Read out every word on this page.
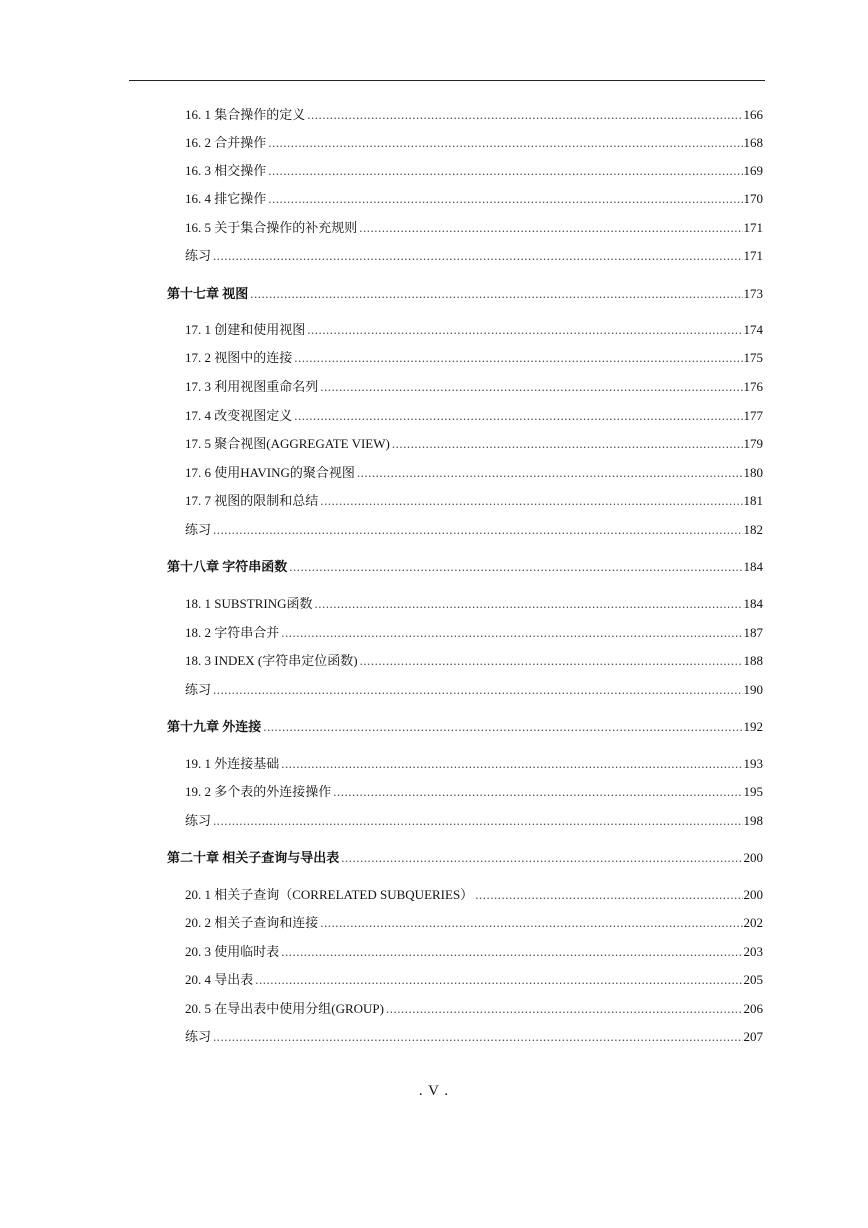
16. 1 集合操作的定义 .....	166
16. 2 合并操作 .....	168
16. 3 相交操作 .....	169
16. 4 排它操作 .....	170
16. 5 关于集合操作的补充规则 .....	171
练习 .....	171
第十七章 视图 .....	173
17. 1 创建和使用视图 .....	174
17. 2 视图中的连接 .....	175
17. 3 利用视图重命名列 .....	176
17. 4 改变视图定义 .....	177
17. 5 聚合视图(AGGREGATE VIEW) .....	179
17. 6 使用HAVING的聚合视图 .....	180
17. 7 视图的限制和总结 .....	181
练习 .....	182
第十八章 字符串函数 .....	184
18. 1 SUBSTRING函数 .....	184
18. 2 字符串合并 .....	187
18. 3 INDEX (字符串定位函数) .....	188
练习 .....	190
第十九章 外连接 .....	192
19. 1 外连接基础 .....	193
19. 2 多个表的外连接操作 .....	195
练习 .....	198
第二十章 相关子查询与导出表 .....	200
20. 1 相关子查询（CORRELATED SUBQUERIES） .....	200
20. 2 相关子查询和连接 .....	202
20. 3 使用临时表 .....	203
20. 4 导出表 .....	205
20. 5 在导出表中使用分组(GROUP) .....	206
练习 .....	207
. V .
